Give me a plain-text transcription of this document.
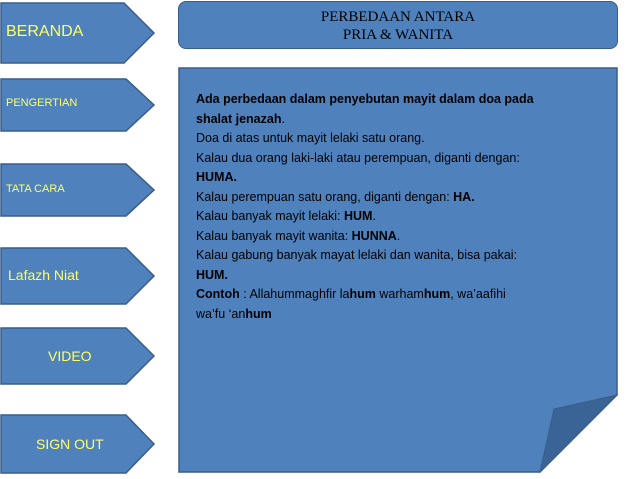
BERANDA
PENGERTIAN
TATA CARA
Lafazh Niat
VIDEO
SIGN OUT
PERBEDAAN ANTARA
PRIA & WANITA
Ada perbedaan dalam penyebutan mayit dalam doa pada
shalat jenazah.
Doa di atas untuk mayit lelaki satu orang.
Kalau dua orang laki-laki atau perempuan, diganti dengan:
HUMA.
Kalau perempuan satu orang, diganti dengan: HA.
Kalau banyak mayit lelaki: HUM.
Kalau banyak mayit wanita: HUNNA.
Kalau gabung banyak mayat lelaki dan wanita, bisa pakai:
HUM.
Contoh : Allahummaghfir lahum warhamhum, wa’aafihi
wa’fu ‘anhum
